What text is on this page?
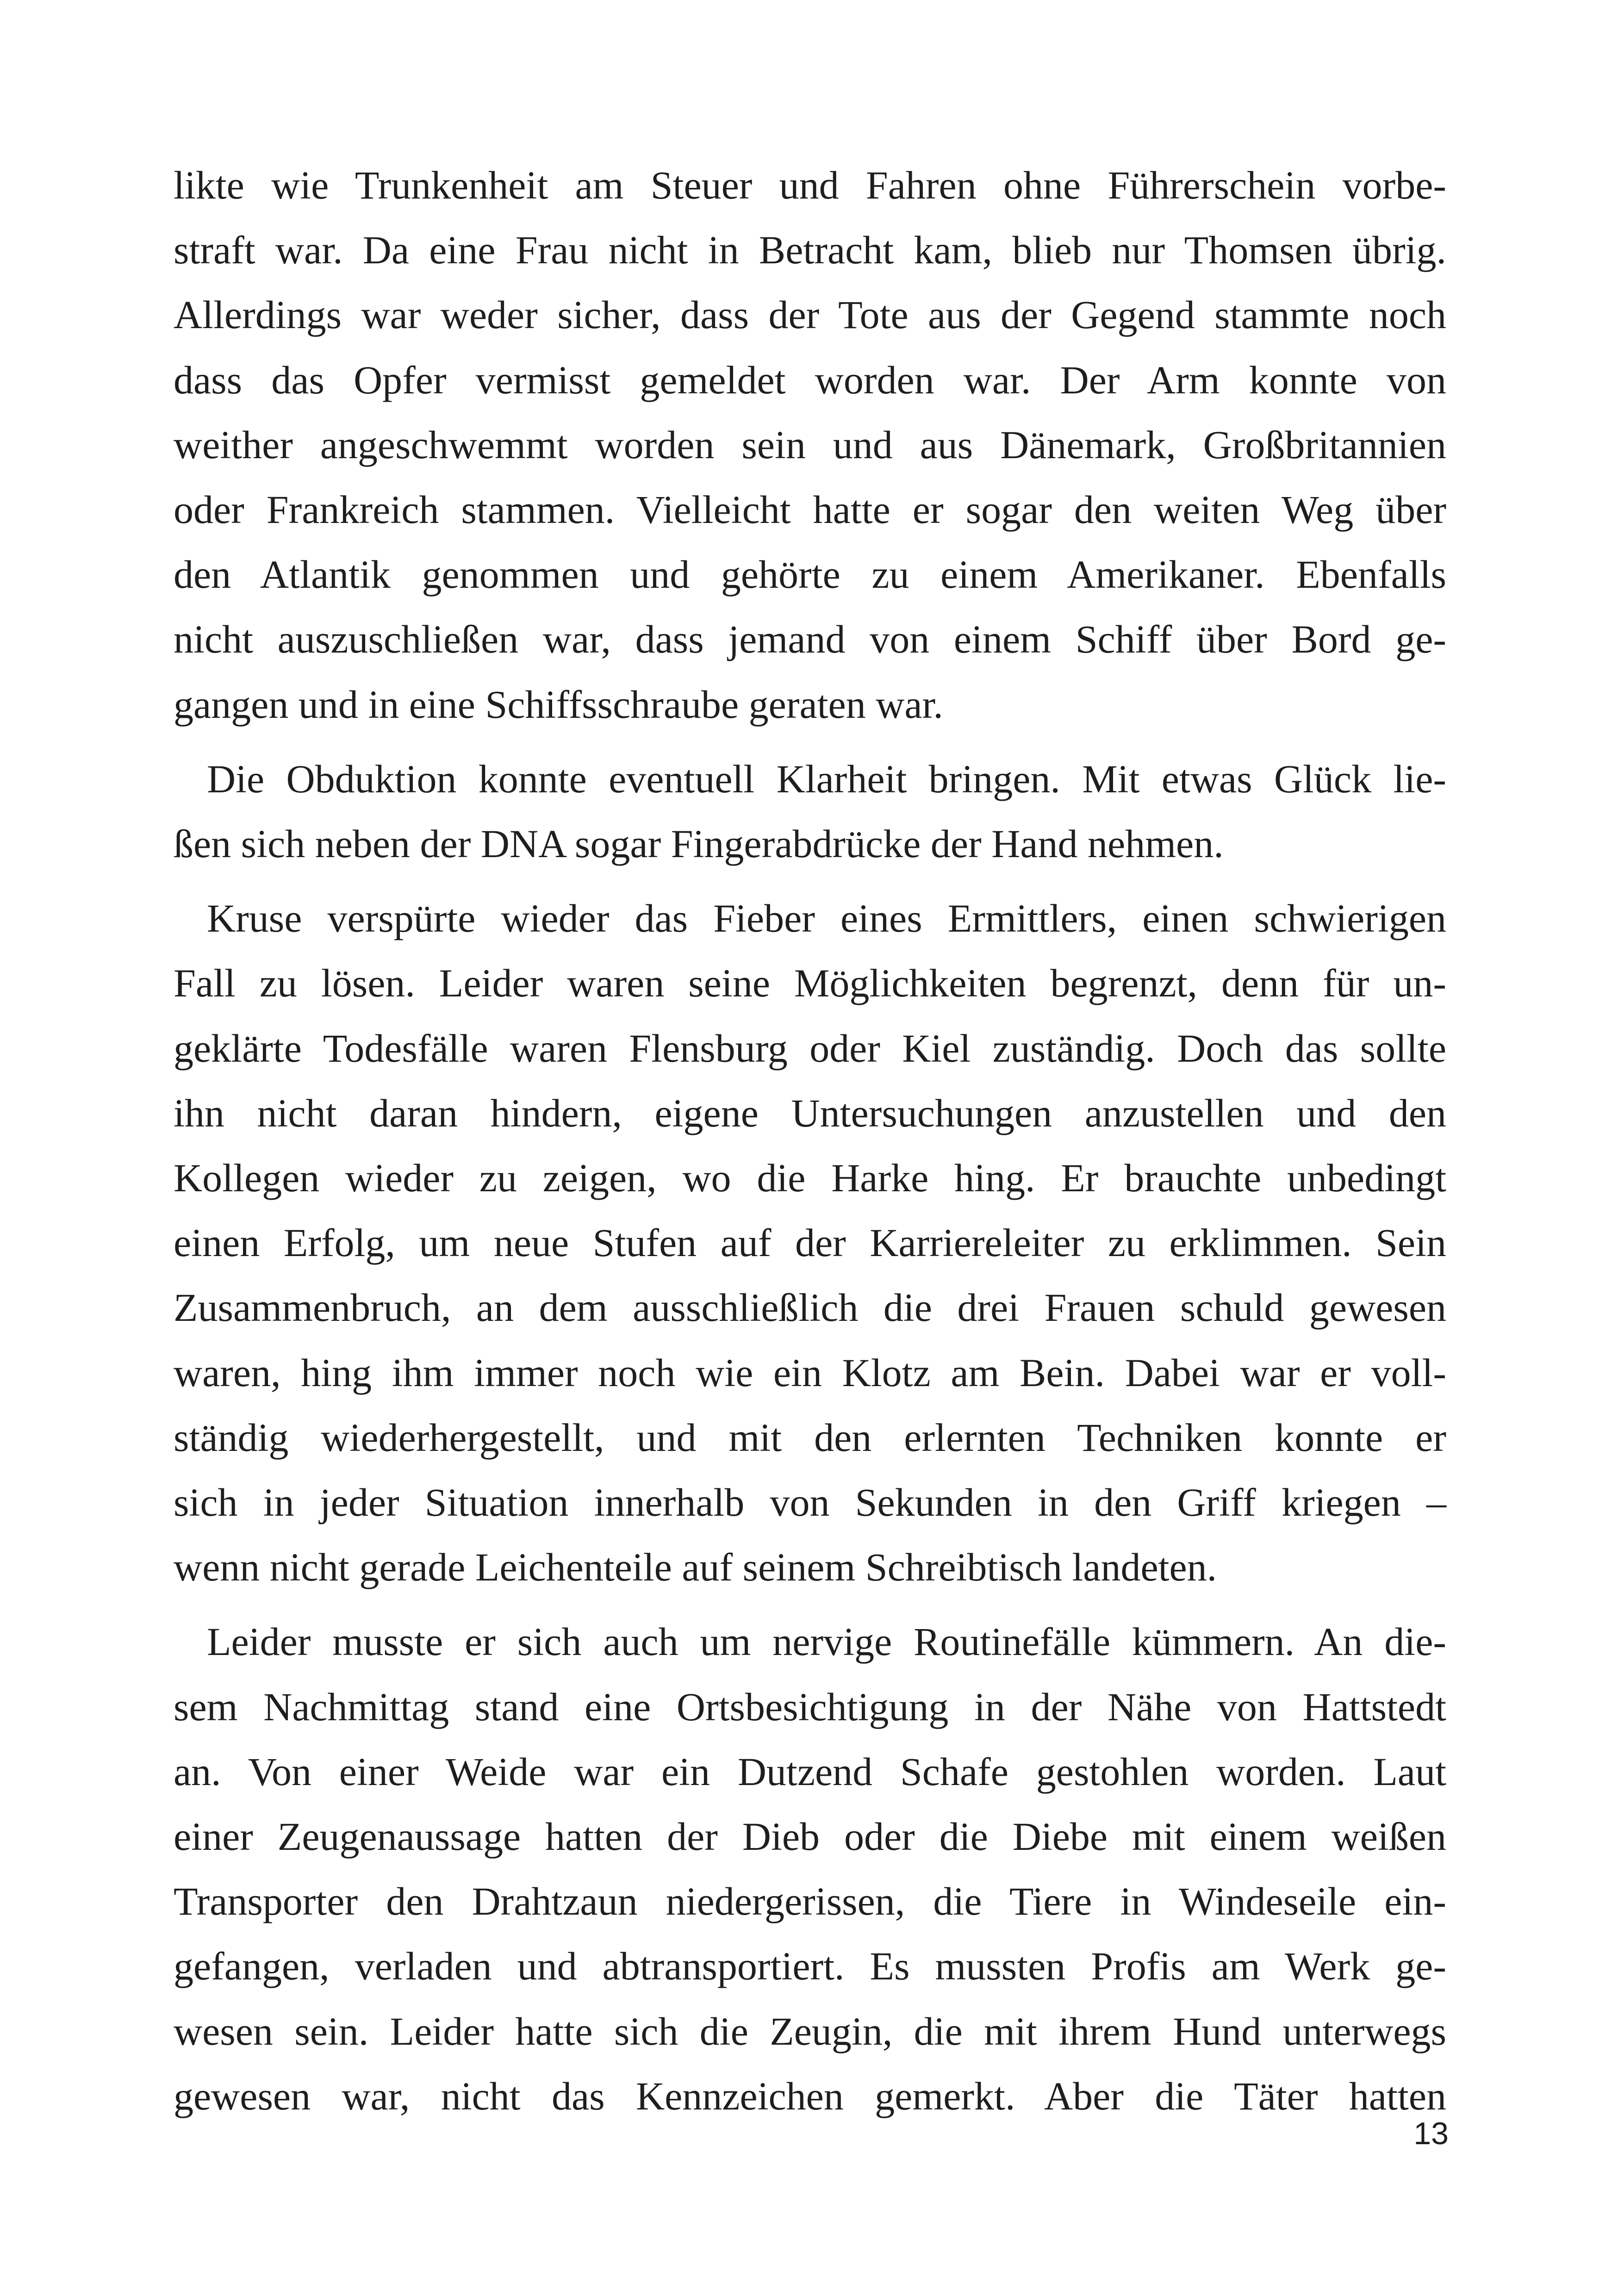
likte wie Trunkenheit am Steuer und Fahren ohne Führerschein vorbe-
straft war. Da eine Frau nicht in Betracht kam, blieb nur Thomsen übrig.
Allerdings war weder sicher, dass der Tote aus der Gegend stammte noch
dass das Opfer vermisst gemeldet worden war. Der Arm konnte von
weither angeschwemmt worden sein und aus Dänemark, Großbritannien
oder Frankreich stammen. Vielleicht hatte er sogar den weiten Weg über
den Atlantik genommen und gehörte zu einem Amerikaner. Ebenfalls
nicht auszuschließen war, dass jemand von einem Schiff über Bord ge-
gangen und in eine Schiffsschraube geraten war.

Die Obduktion konnte eventuell Klarheit bringen. Mit etwas Glück lie-
ßen sich neben der DNA sogar Fingerabdrücke der Hand nehmen.

Kruse verspürte wieder das Fieber eines Ermittlers, einen schwierigen
Fall zu lösen. Leider waren seine Möglichkeiten begrenzt, denn für un-
geklärte Todesfälle waren Flensburg oder Kiel zuständig. Doch das sollte
ihn nicht daran hindern, eigene Untersuchungen anzustellen und den
Kollegen wieder zu zeigen, wo die Harke hing. Er brauchte unbedingt
einen Erfolg, um neue Stufen auf der Karriereleiter zu erklimmen. Sein
Zusammenbruch, an dem ausschließlich die drei Frauen schuld gewesen
waren, hing ihm immer noch wie ein Klotz am Bein. Dabei war er voll-
ständig wiederhergestellt, und mit den erlernten Techniken konnte er
sich in jeder Situation innerhalb von Sekunden in den Griff kriegen –
wenn nicht gerade Leichenteile auf seinem Schreibtisch landeten.

Leider musste er sich auch um nervige Routinefälle kümmern. An die-
sem Nachmittag stand eine Ortsbesichtigung in der Nähe von Hattstedt
an. Von einer Weide war ein Dutzend Schafe gestohlen worden. Laut
einer Zeugenaussage hatten der Dieb oder die Diebe mit einem weißen
Transporter den Drahtzaun niedergerissen, die Tiere in Windeseile ein-
gefangen, verladen und abtransportiert. Es mussten Profis am Werk ge-
wesen sein. Leider hatte sich die Zeugin, die mit ihrem Hund unterwegs
gewesen war, nicht das Kennzeichen gemerkt. Aber die Täter hatten

13
